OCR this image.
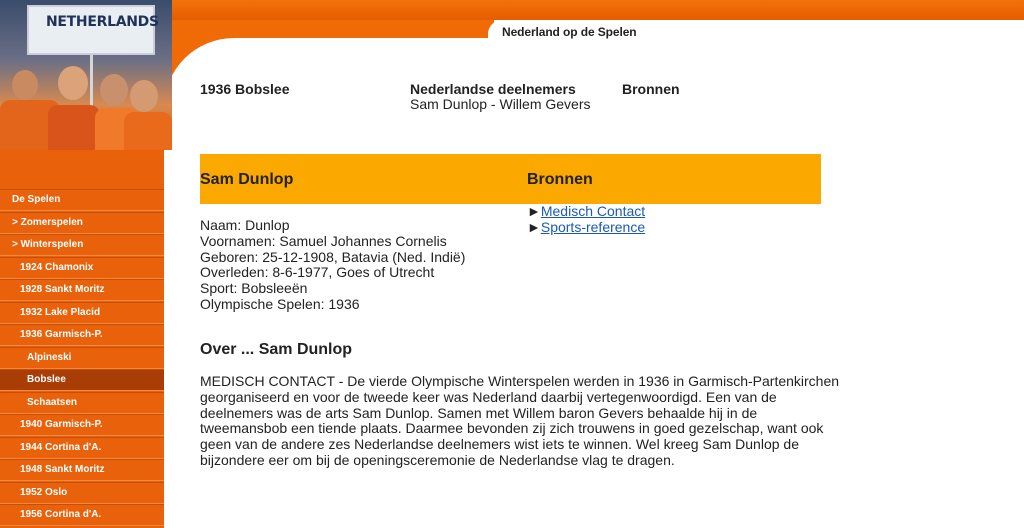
Nederland op de Spelen
NETHERLANDS
De Spelen
> Zomerspelen
> Winterspelen
1924 Chamonix
1928 Sankt Moritz
1932 Lake Placid
1936 Garmisch-P.
Alpineski
Bobslee
Schaatsen
1940 Garmisch-P.
1944 Cortina d'A.
1948 Sankt Moritz
1952 Oslo
1956 Cortina d'A.
1936 Bobslee	Nederlandse deelnemers
Sam Dunlop - Willem Gevers
Bronnen
Sam Dunlop	Bronnen
Naam: Dunlop
Voornamen: Samuel Johannes Cornelis
Geboren: 25-12-1908, Batavia (Ned. Indië)
Overleden: 8-6-1977, Goes of Utrecht
Sport: Bobsleeën
Olympische Spelen: 1936
►Medisch Contact
►Sports-reference
Over ... Sam Dunlop
MEDISCH CONTACT - De vierde Olympische Winterspelen werden in 1936 in Garmisch-Partenkirchen georganiseerd en voor de tweede keer was Nederland daarbij vertegenwoordigd. Een van de deelnemers was de arts Sam Dunlop. Samen met Willem baron Gevers behaalde hij in de tweemansbob een tiende plaats. Daarmee bevonden zij zich trouwens in goed gezelschap, want ook geen van de andere zes Nederlandse deelnemers wist iets te winnen. Wel kreeg Sam Dunlop de bijzondere eer om bij de openingsceremonie de Nederlandse vlag te dragen.
